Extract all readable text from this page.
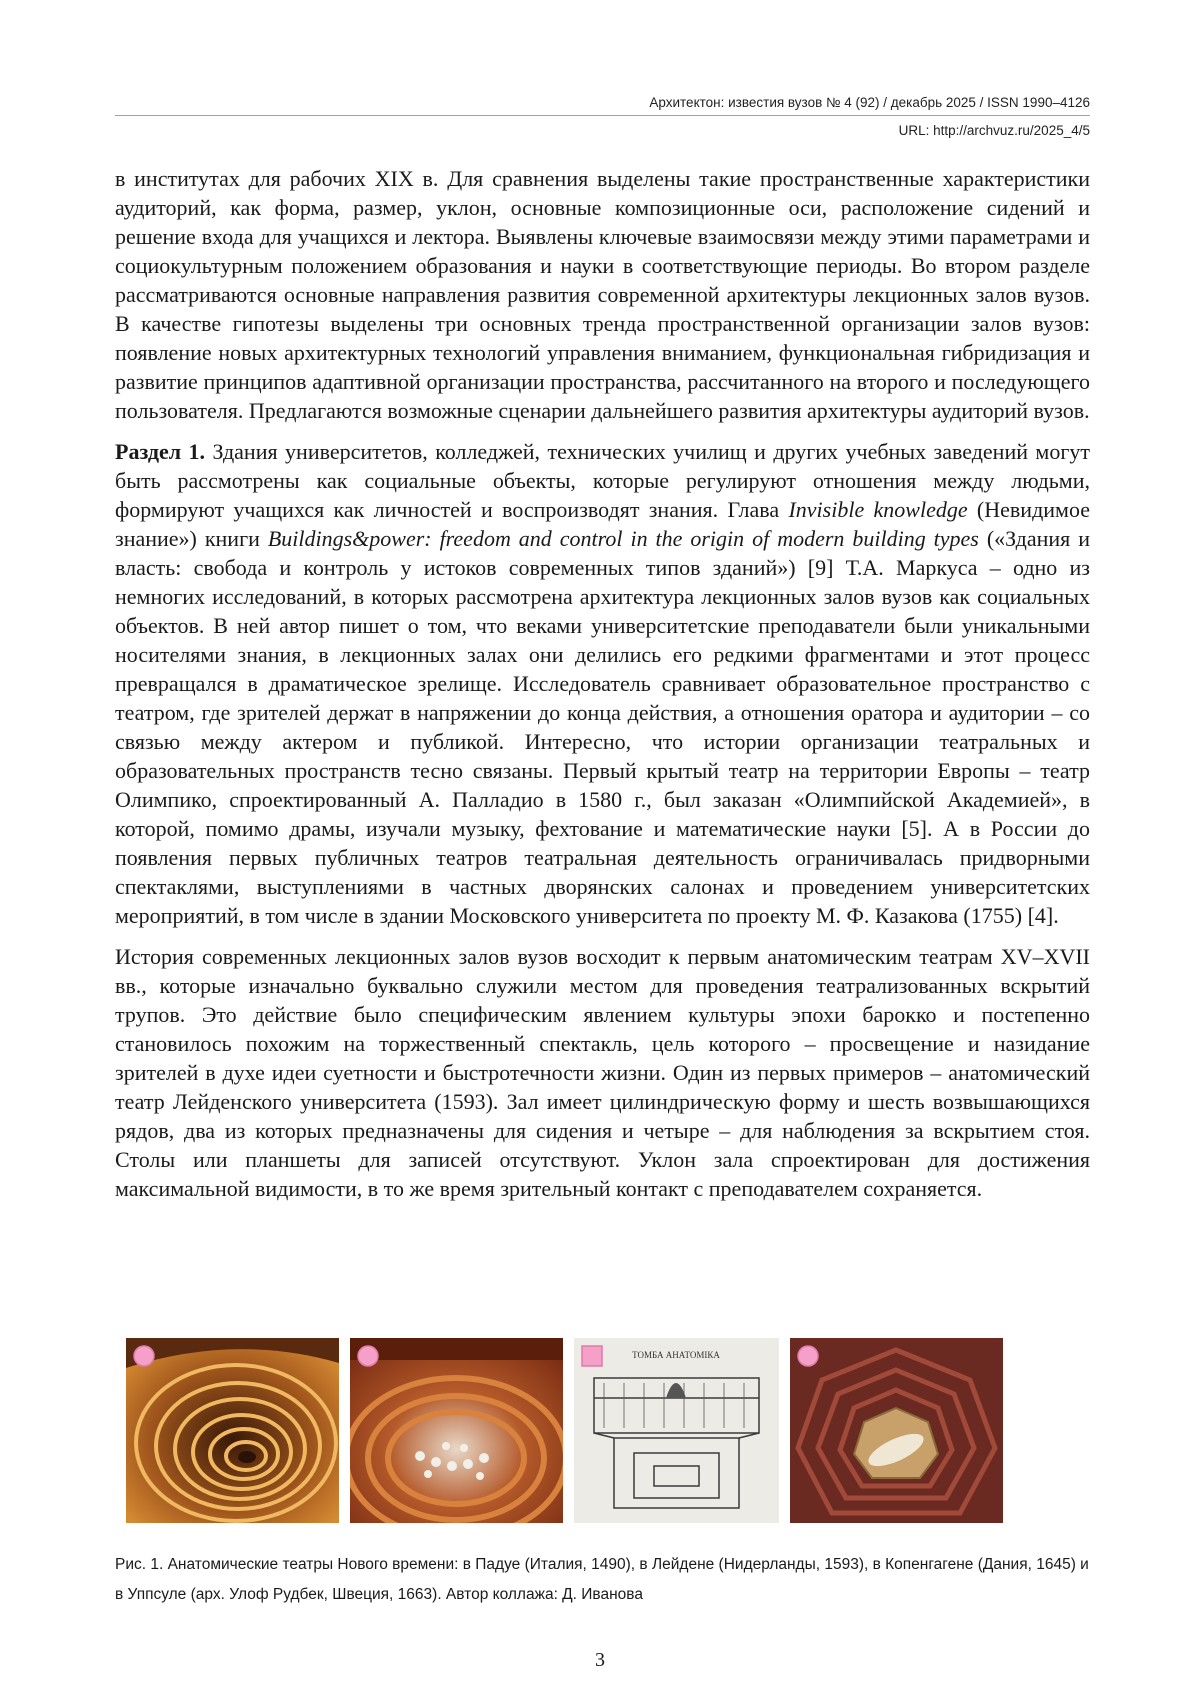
Архитектон: известия вузов № 4 (92) / декабрь 2025 / ISSN 1990–4126
URL: http://archvuz.ru/2025_4/5

в институтах для рабочих XIX в. Для сравнения выделены такие пространственные характеристики аудиторий, как форма, размер, уклон, основные композиционные оси, расположение сидений и решение входа для учащихся и лектора. Выявлены ключевые взаимосвязи между этими параметрами и социокультурным положением образования и науки в соответствующие периоды. Во втором разделе рассматриваются основные направления развития современной архитектуры лекционных залов вузов. В качестве гипотезы выделены три основных тренда пространственной организации залов вузов: появление новых архитектурных технологий управления вниманием, функциональная гибридизация и развитие принципов адаптивной организации пространства, рассчитанного на второго и последующего пользователя. Предлагаются возможные сценарии дальнейшего развития архитектуры аудиторий вузов.

Раздел 1. Здания университетов, колледжей, технических училищ и других учебных заведений могут быть рассмотрены как социальные объекты, которые регулируют отношения между людьми, формируют учащихся как личностей и воспроизводят знания. Глава Invisible knowledge (Невидимое знание») книги Buildings&power: freedom and control in the origin of modern building types («Здания и власть: свобода и контроль у истоков современных типов зданий») [9] Т.А. Маркуса – одно из немногих исследований, в которых рассмотрена архитектура лекционных залов вузов как социальных объектов. В ней автор пишет о том, что веками университетские преподаватели были уникальными носителями знания, в лекционных залах они делились его редкими фрагментами и этот процесс превращался в драматическое зрелище. Исследователь сравнивает образовательное пространство с театром, где зрителей держат в напряжении до конца действия, а отношения оратора и аудитории – со связью между актером и публикой. Интересно, что истории организации театральных и образовательных пространств тесно связаны. Первый крытый театр на территории Европы – театр Олимпико, спроектированный А. Палладио в 1580 г., был заказан «Олимпийской Академией», в которой, помимо драмы, изучали музыку, фехтование и математические науки [5]. А в России до появления первых публичных театров театральная деятельность ограничивалась придворными спектаклями, выступлениями в частных дворянских салонах и проведением университетских мероприятий, в том числе в здании Московского университета по проекту М. Ф. Казакова (1755) [4].

История современных лекционных залов вузов восходит к первым анатомическим театрам XV–XVII вв., которые изначально буквально служили местом для проведения театрализованных вскрытий трупов. Это действие было специфическим явлением культуры эпохи барокко и постепенно становилось похожим на торжественный спектакль, цель которого – просвещение и назидание зрителей в духе идеи суетности и быстротечности жизни. Один из первых примеров – анатомический театр Лейденского университета (1593). Зал имеет цилиндрическую форму и шесть возвышающихся рядов, два из которых предназначены для сидения и четыре – для наблюдения за вскрытием стоя. Столы или планшеты для записей отсутствуют. Уклон зала спроектирован для достижения максимальной видимости, в то же время зрительный контакт с преподавателем сохраняется.

ТОМБА АНАТОМІКА
Рис. 1. Анатомические театры Нового времени: в Падуе (Италия, 1490), в Лейдене (Нидерланды, 1593), в Копенгагене (Дания, 1645) и в Уппсуле (арх. Улоф Рудбек, Швеция, 1663). Автор коллажа: Д. Иванова
3
